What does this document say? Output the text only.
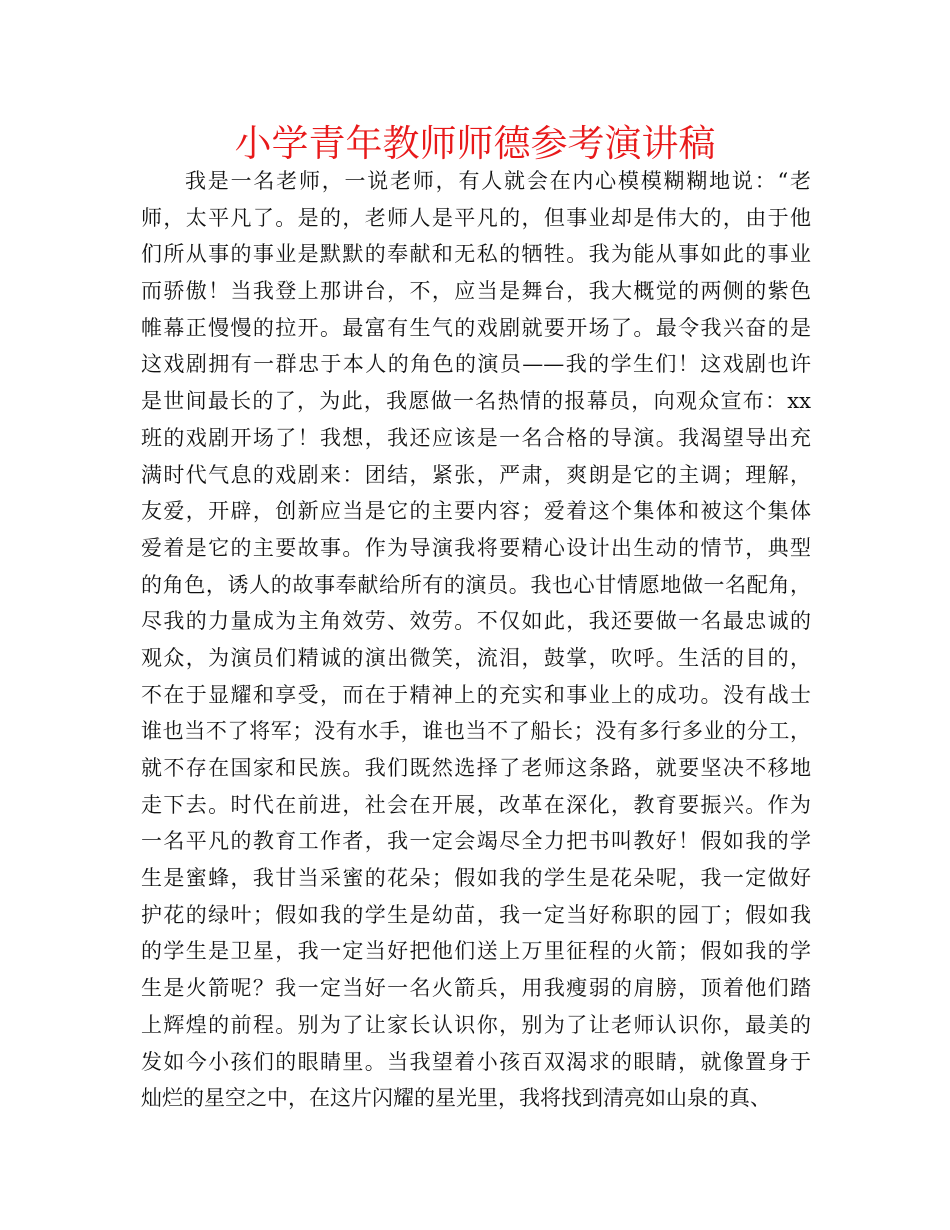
小学青年教师师德参考演讲稿
我是一名老师，一说老师，有人就会在内心模模糊糊地说：“老
师，太平凡了。是的，老师人是平凡的，但事业却是伟大的，由于他
们所从事的事业是默默的奉献和无私的牺牲。我为能从事如此的事业
而骄傲！当我登上那讲台，不，应当是舞台，我大概觉的两侧的紫色
帷幕正慢慢的拉开。最富有生气的戏剧就要开场了。最令我兴奋的是
这戏剧拥有一群忠于本人的角色的演员——我的学生们！这戏剧也许
是世间最长的了，为此，我愿做一名热情的报幕员，向观众宣布：xx
班的戏剧开场了！我想，我还应该是一名合格的导演。我渴望导出充
满时代气息的戏剧来：团结，紧张，严肃，爽朗是它的主调；理解，
友爱，开辟，创新应当是它的主要内容；爱着这个集体和被这个集体
爱着是它的主要故事。作为导演我将要精心设计出生动的情节，典型
的角色，诱人的故事奉献给所有的演员。我也心甘情愿地做一名配角，
尽我的力量成为主角效劳、效劳。不仅如此，我还要做一名最忠诚的
观众，为演员们精诚的演出微笑，流泪，鼓掌，吹呼。生活的目的，
不在于显耀和享受，而在于精神上的充实和事业上的成功。没有战士
谁也当不了将军；没有水手，谁也当不了船长；没有多行多业的分工，
就不存在国家和民族。我们既然选择了老师这条路，就要坚决不移地
走下去。时代在前进，社会在开展，改革在深化，教育要振兴。作为
一名平凡的教育工作者，我一定会竭尽全力把书叫教好！假如我的学
生是蜜蜂，我甘当采蜜的花朵；假如我的学生是花朵呢，我一定做好
护花的绿叶；假如我的学生是幼苗，我一定当好称职的园丁；假如我
的学生是卫星，我一定当好把他们送上万里征程的火箭；假如我的学
生是火箭呢？我一定当好一名火箭兵，用我瘦弱的肩膀，顶着他们踏
上辉煌的前程。别为了让家长认识你，别为了让老师认识你，最美的
发如今小孩们的眼睛里。当我望着小孩百双渴求的眼睛，就像置身于
灿烂的星空之中，在这片闪耀的星光里，我将找到清亮如山泉的真、
